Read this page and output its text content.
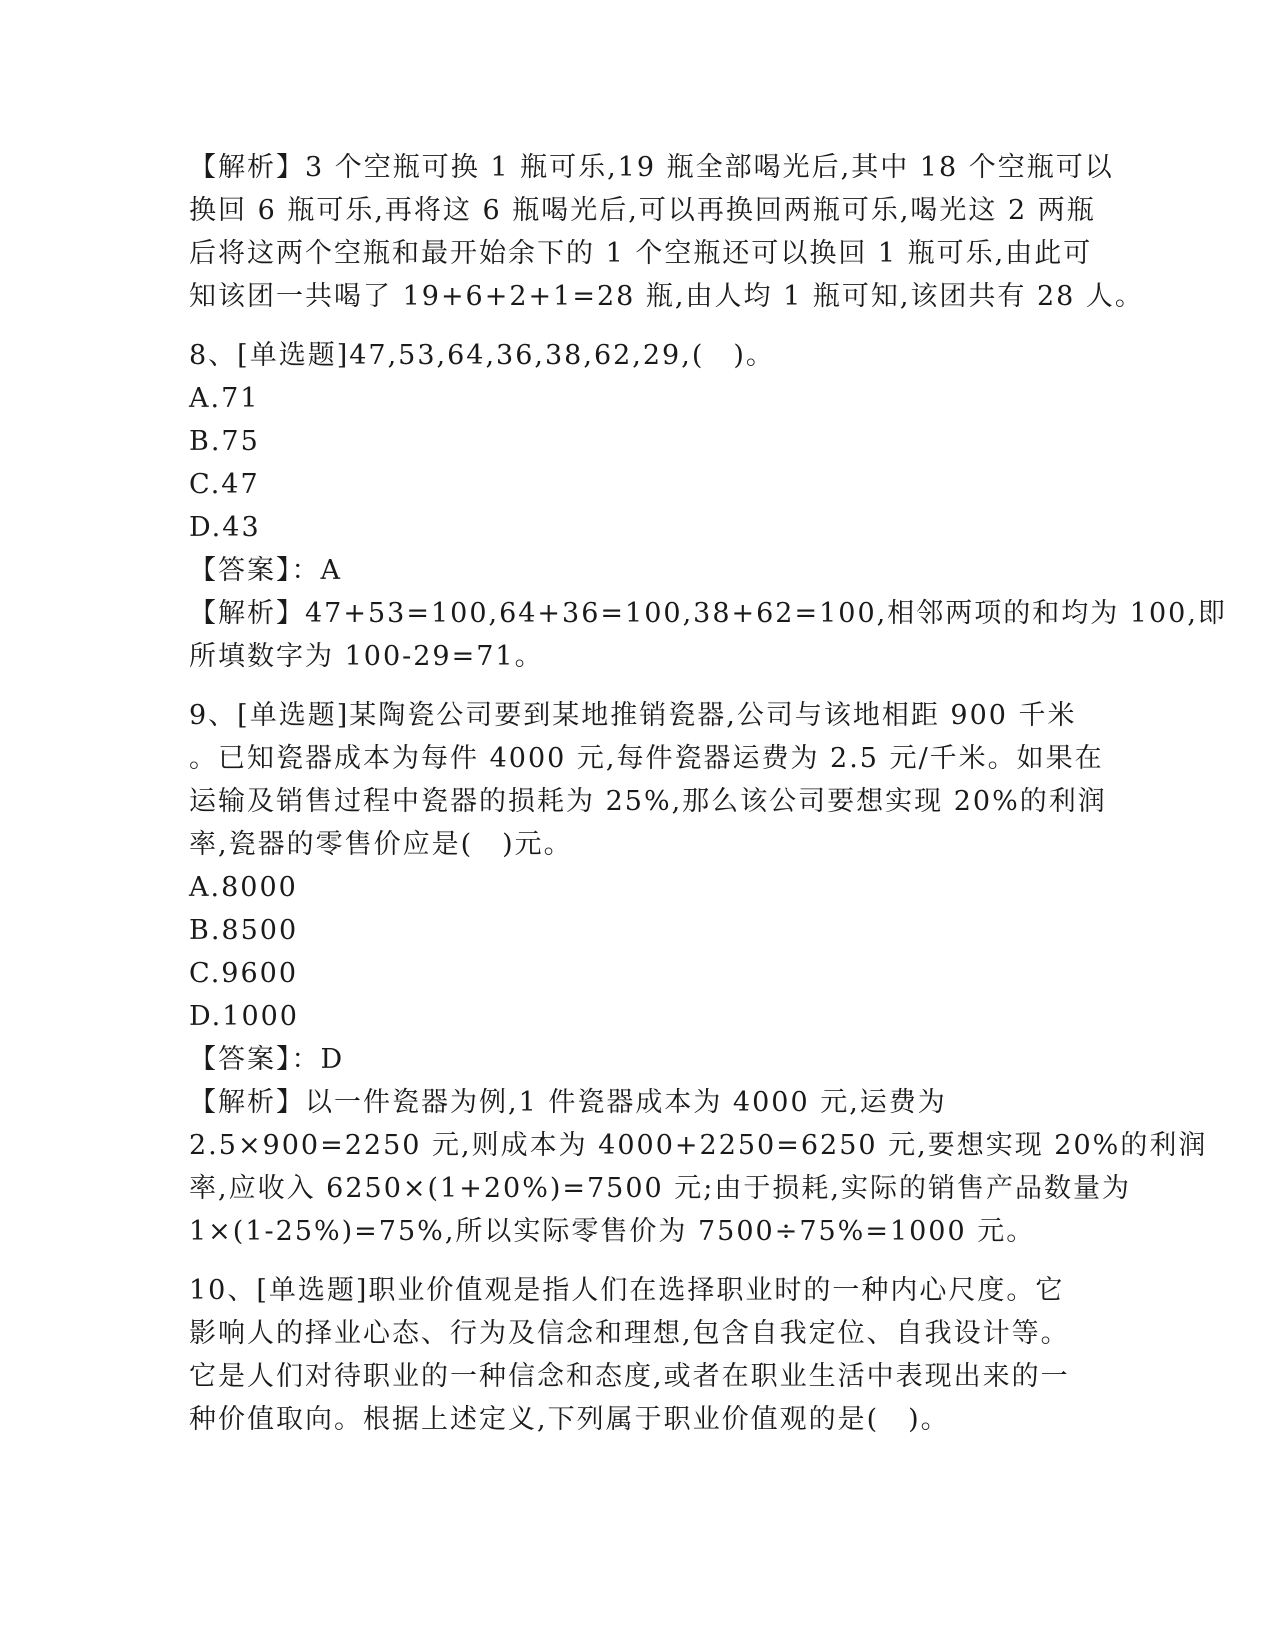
【解析】3 个空瓶可换 1 瓶可乐,19 瓶全部喝光后,其中 18 个空瓶可以
换回 6 瓶可乐,再将这 6 瓶喝光后,可以再换回两瓶可乐,喝光这 2 两瓶
后将这两个空瓶和最开始余下的 1 个空瓶还可以换回 1 瓶可乐,由此可
知该团一共喝了 19+6+2+1=28 瓶,由人均 1 瓶可知,该团共有 28 人。
8、[单选题]47,53,64,36,38,62,29,(　)。
A.71
B.75
C.47
D.43
【答案】：A
【解析】47+53=100,64+36=100,38+62=100,相邻两项的和均为 100,即
所填数字为 100-29=71。
9、[单选题]某陶瓷公司要到某地推销瓷器,公司与该地相距 900 千米
。已知瓷器成本为每件 4000 元,每件瓷器运费为 2.5 元/千米。如果在
运输及销售过程中瓷器的损耗为 25%,那么该公司要想实现 20%的利润
率,瓷器的零售价应是(　)元。
A.8000
B.8500
C.9600
D.1000
【答案】：D
【解析】以一件瓷器为例,1 件瓷器成本为 4000 元,运费为
2.5×900=2250 元,则成本为 4000+2250=6250 元,要想实现 20%的利润
率,应收入 6250×(1+20%)=7500 元;由于损耗,实际的销售产品数量为
1×(1-25%)=75%,所以实际零售价为 7500÷75%=1000 元。
10、[单选题]职业价值观是指人们在选择职业时的一种内心尺度。它
影响人的择业心态、行为及信念和理想,包含自我定位、自我设计等。
它是人们对待职业的一种信念和态度,或者在职业生活中表现出来的一
种价值取向。根据上述定义,下列属于职业价值观的是(　)。
